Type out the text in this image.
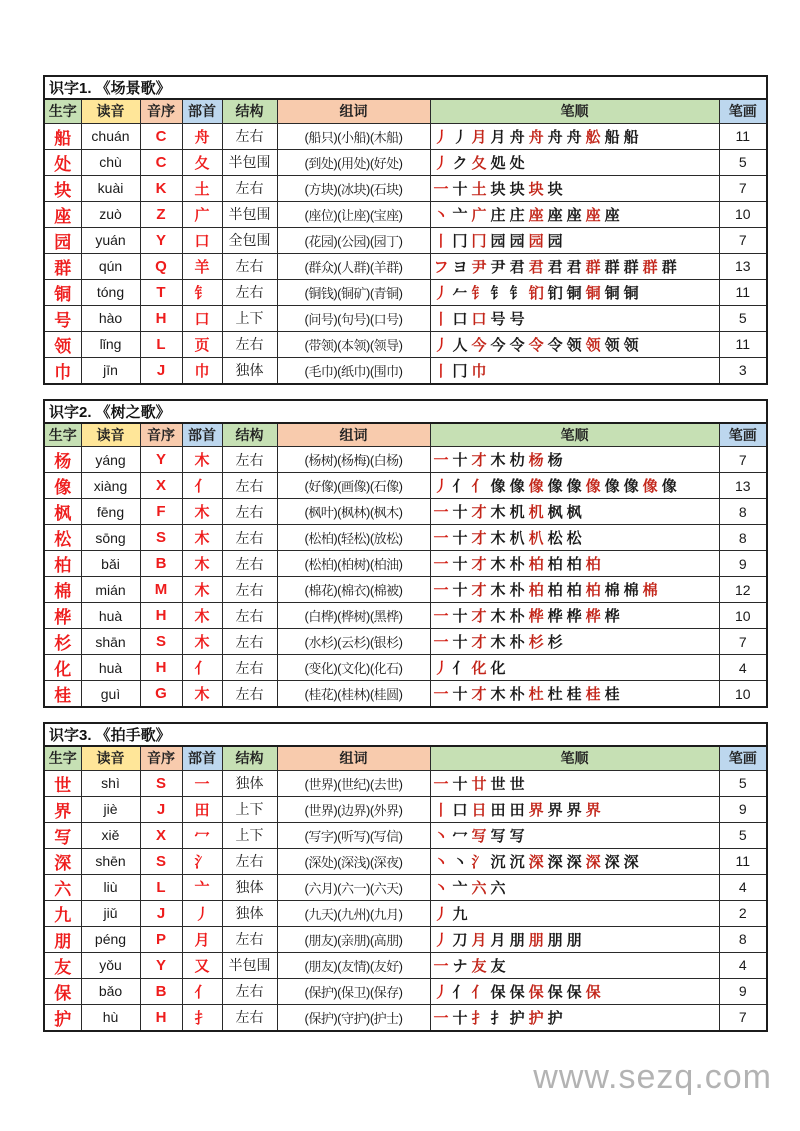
识字1. 《场景歌》							
生字	读音	音序	部首	结构	组词	笔顺	笔画
船	chuán	C	舟	左右	(船只)(小船)(木船)	丿 丿 月 月 舟 舟 舟 舟 舩 船 船	11
处	chù	C	夂	半包围	(到处)(用处)(好处)	丿 ク 夂 処 处	5
块	kuài	K	土	左右	(方块)(冰块)(石块)	一 十 土 块 块 块 块	7
座	zuò	Z	广	半包围	(座位)(让座)(宝座)	丶 亠 广 庄 庄 座 座 座 座 座	10
园	yuán	Y	口	全包围	(花园)(公园)(园丁)	丨 冂 冂 园 园 园 园	7
群	qún	Q	羊	左右	(群众)(人群)(羊群)	フ ヨ 尹 尹 君 君 君 君 群 群 群 群 群	13
铜	tóng	T	钅	左右	(铜钱)(铜矿)(青铜)	丿 𠂉 钅 钅 钅 钔 钔 铜 铜 铜 铜	11
号	hào	H	口	上下	(问号)(句号)(口号)	丨 口 口 号 号	5
领	lǐng	L	页	左右	(带领)(本领)(领导)	丿 人 今 今 令 令 令 领 领 领 领	11
巾	jīn	J	巾	独体	(毛巾)(纸巾)(围巾)	丨 冂 巾	3
识字2. 《树之歌》							
生字	读音	音序	部首	结构	组词	笔顺	笔画
杨	yáng	Y	木	左右	(杨树)(杨梅)(白杨)	一 十 才 木 朸 杨 杨	7
像	xiàng	X	亻	左右	(好像)(画像)(石像)	丿 亻 亻 像 像 像 像 像 像 像 像 像 像	13
枫	fēng	F	木	左右	(枫叶)(枫林)(枫木)	一 十 才 木 机 机 枫 枫	8
松	sōng	S	木	左右	(松柏)(轻松)(放松)	一 十 才 木 朳 朳 松 松	8
柏	bǎi	B	木	左右	(松柏)(柏树)(柏油)	一 十 才 木 朴 柏 柏 柏 柏	9
棉	mián	M	木	左右	(棉花)(棉衣)(棉被)	一 十 才 木 朴 柏 柏 柏 柏 棉 棉 棉	12
桦	huà	H	木	左右	(白桦)(桦树)(黑桦)	一 十 才 木 朴 桦 桦 桦 桦 桦	10
杉	shān	S	木	左右	(水杉)(云杉)(银杉)	一 十 才 木 朴 杉 杉	7
化	huà	H	亻	左右	(变化)(文化)(化石)	丿 亻 化 化	4
桂	guì	G	木	左右	(桂花)(桂林)(桂圆)	一 十 才 木 朴 杜 杜 桂 桂 桂	10
识字3. 《拍手歌》							
生字	读音	音序	部首	结构	组词	笔顺	笔画
世	shì	S	一	独体	(世界)(世纪)(去世)	一 十 廿 世 世	5
界	jiè	J	田	上下	(世界)(边界)(外界)	丨 口 日 田 田 界 界 界 界	9
写	xiě	X	冖	上下	(写字)(听写)(写信)	丶 冖 写 写 写	5
深	shēn	S	氵	左右	(深处)(深浅)(深夜)	丶 丶 氵 沉 沉 深 深 深 深 深 深	11
六	liù	L	亠	独体	(六月)(六一)(六天)	丶 亠 六 六	4
九	jiǔ	J	丿	独体	(九天)(九州)(九月)	丿 九	2
朋	péng	P	月	左右	(朋友)(亲朋)(高朋)	丿 刀 月 月 朋 朋 朋 朋	8
友	yǒu	Y	又	半包围	(朋友)(友情)(友好)	一 ナ 友 友	4
保	bǎo	B	亻	左右	(保护)(保卫)(保存)	丿 亻 亻 保 保 保 保 保 保	9
护	hù	H	扌	左右	(保护)(守护)(护士)	一 十 扌 扌 护 护 护	7
www.sezq.com
